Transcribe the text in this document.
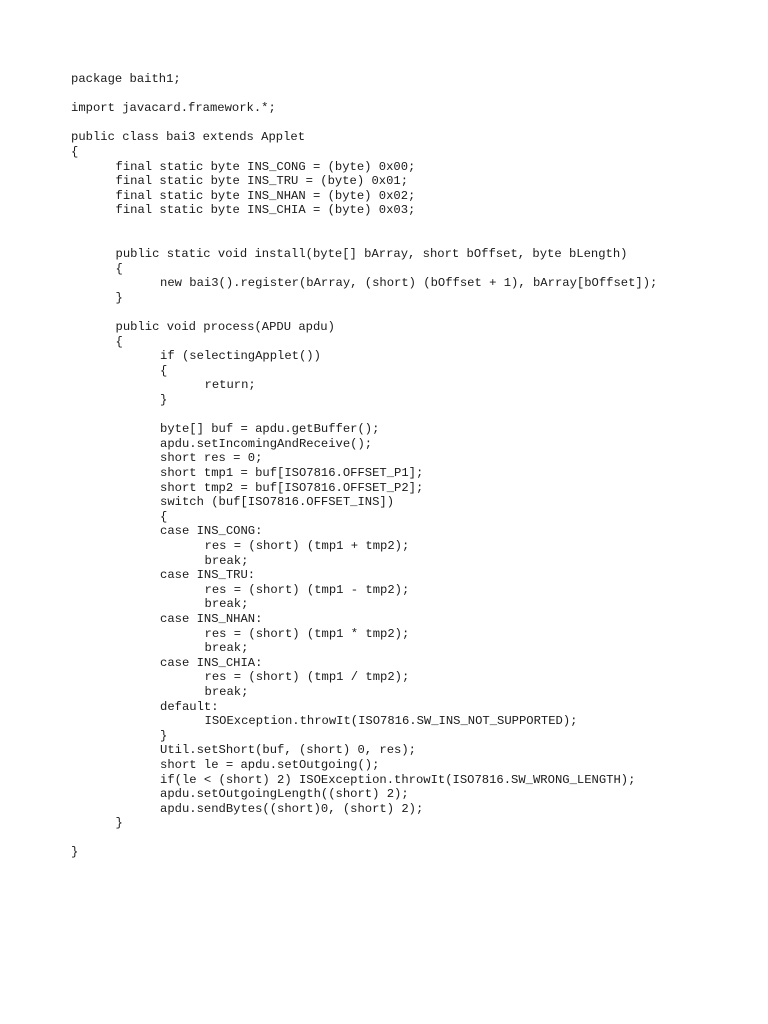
package baith1;
import javacard.framework.*;
public class bai3 extends Applet
{
final static byte INS_CONG = (byte) 0x00;
final static byte INS_TRU = (byte) 0x01;
final static byte INS_NHAN = (byte) 0x02;
final static byte INS_CHIA = (byte) 0x03;
public static void install(byte[] bArray, short bOffset, byte bLength)
{
new bai3().register(bArray, (short) (bOffset + 1), bArray[bOffset]);
}
public void process(APDU apdu)
{
if (selectingApplet())
{
return;
}
byte[] buf = apdu.getBuffer();
apdu.setIncomingAndReceive();
short res = 0;
short tmp1 = buf[ISO7816.OFFSET_P1];
short tmp2 = buf[ISO7816.OFFSET_P2];
switch (buf[ISO7816.OFFSET_INS])
{
case INS_CONG:
res = (short) (tmp1 + tmp2);
break;
case INS_TRU:
res = (short) (tmp1 - tmp2);
break;
case INS_NHAN:
res = (short) (tmp1 * tmp2);
break;
case INS_CHIA:
res = (short) (tmp1 / tmp2);
break;
default:
ISOException.throwIt(ISO7816.SW_INS_NOT_SUPPORTED);
}
Util.setShort(buf, (short) 0, res);
short le = apdu.setOutgoing();
if(le < (short) 2) ISOException.throwIt(ISO7816.SW_WRONG_LENGTH);
apdu.setOutgoingLength((short) 2);
apdu.sendBytes((short)0, (short) 2);
}
}
